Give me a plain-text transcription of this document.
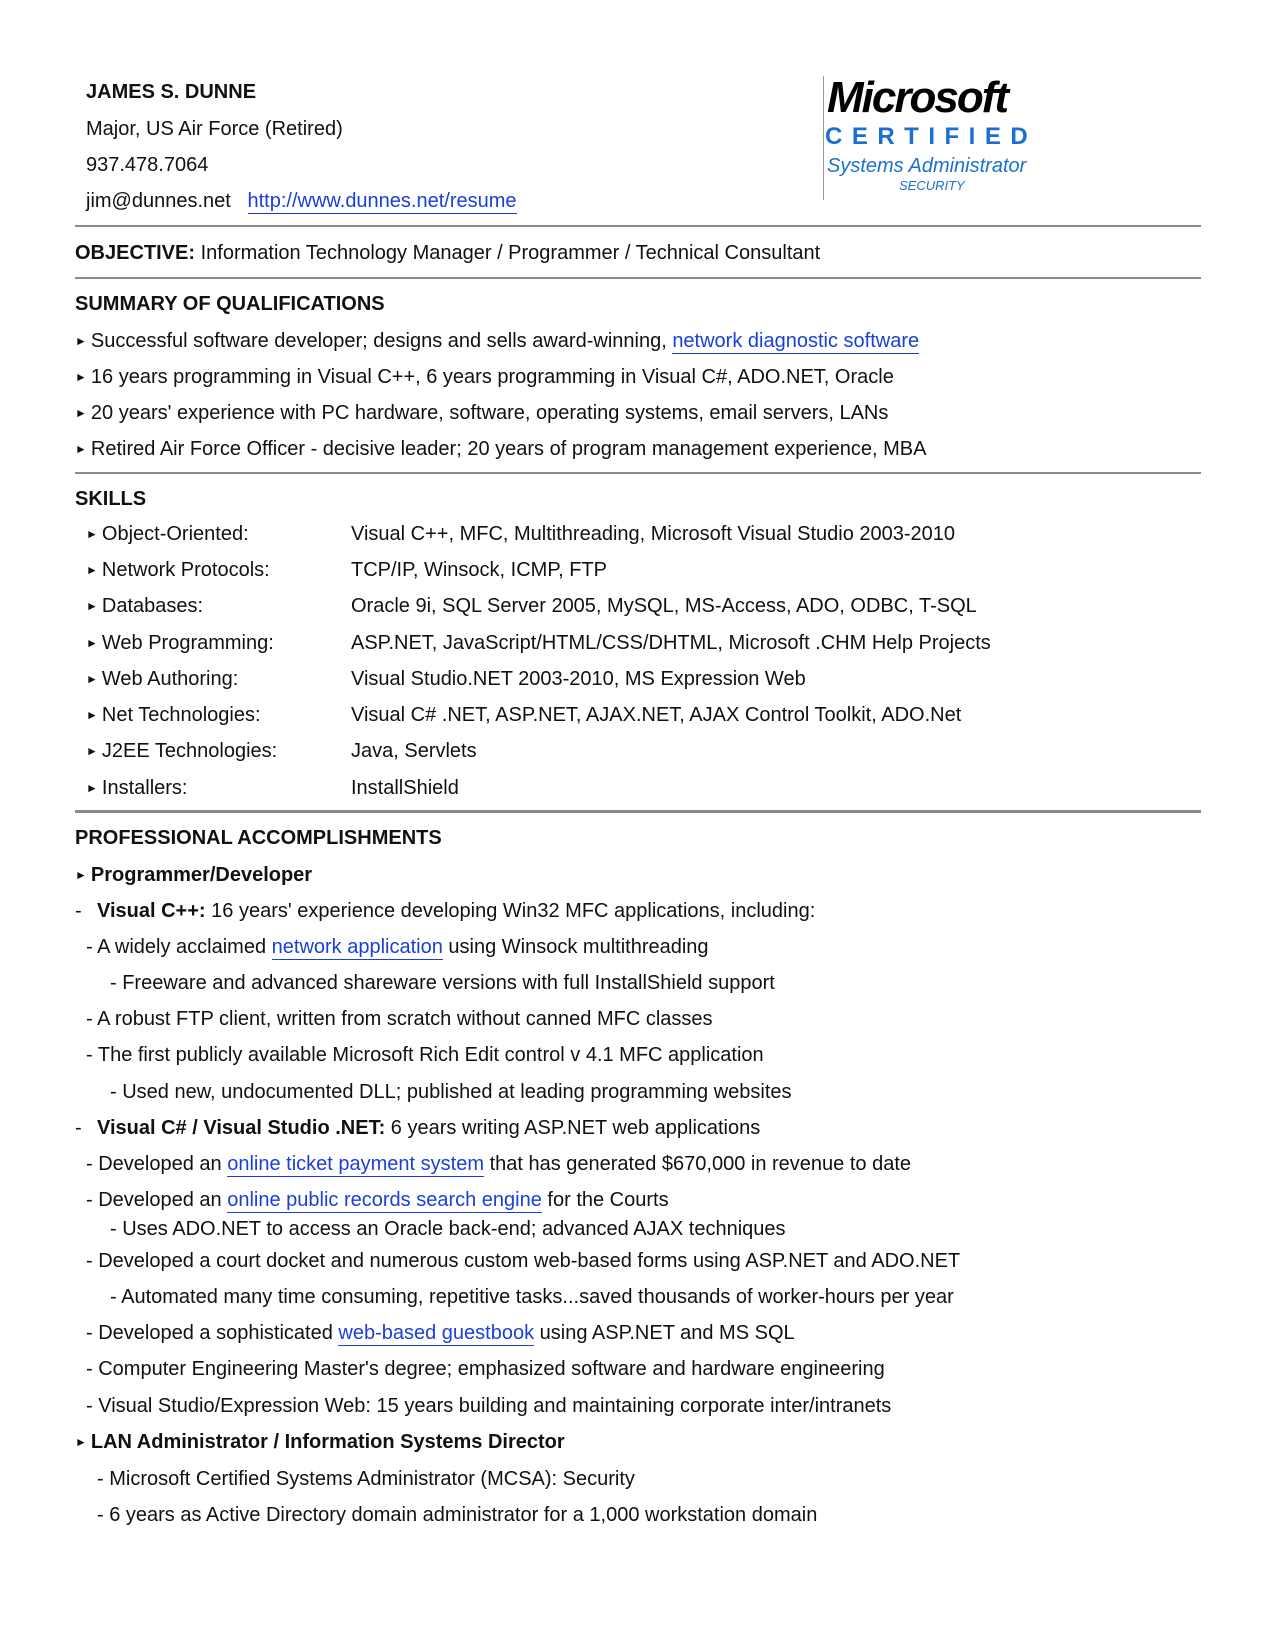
JAMES S. DUNNE
Major, US Air Force (Retired)
937.478.7064
jim@dunnes.net http://www.dunnes.net/resume
Microsoft
CERTIFIED
Systems Administrator
SECURITY
OBJECTIVE: Information Technology Manager / Programmer / Technical Consultant
SUMMARY OF QUALIFICATIONS
► Successful software developer; designs and sells award-winning, network diagnostic software
► 16 years programming in Visual C++, 6 years programming in Visual C#, ADO.NET, Oracle
► 20 years' experience with PC hardware, software, operating systems, email servers, LANs
► Retired Air Force Officer - decisive leader; 20 years of program management experience, MBA
SKILLS
► Object-Oriented:	Visual C++, MFC, Multithreading, Microsoft Visual Studio 2003-2010
► Network Protocols:	TCP/IP, Winsock, ICMP, FTP
► Databases:	Oracle 9i, SQL Server 2005, MySQL, MS-Access, ADO, ODBC, T-SQL
► Web Programming:	ASP.NET, JavaScript/HTML/CSS/DHTML, Microsoft .CHM Help Projects
► Web Authoring:	Visual Studio.NET 2003-2010, MS Expression Web
► Net Technologies:	Visual C# .NET, ASP.NET, AJAX.NET, AJAX Control Toolkit, ADO.Net
► J2EE Technologies:	Java, Servlets
► Installers:	InstallShield
PROFESSIONAL ACCOMPLISHMENTS
► Programmer/Developer
- Visual C++: 16 years' experience developing Win32 MFC applications, including:
- A widely acclaimed network application using Winsock multithreading
- Freeware and advanced shareware versions with full InstallShield support
- A robust FTP client, written from scratch without canned MFC classes
- The first publicly available Microsoft Rich Edit control v 4.1 MFC application
- Used new, undocumented DLL; published at leading programming websites
- Visual C# / Visual Studio .NET: 6 years writing ASP.NET web applications
- Developed an online ticket payment system that has generated $670,000 in revenue to date
- Developed an online public records search engine for the Courts
- Uses ADO.NET to access an Oracle back-end; advanced AJAX techniques
- Developed a court docket and numerous custom web-based forms using ASP.NET and ADO.NET
- Automated many time consuming, repetitive tasks...saved thousands of worker-hours per year
- Developed a sophisticated web-based guestbook using ASP.NET and MS SQL
- Computer Engineering Master's degree; emphasized software and hardware engineering
- Visual Studio/Expression Web: 15 years building and maintaining corporate inter/intranets
► LAN Administrator / Information Systems Director
- Microsoft Certified Systems Administrator (MCSA): Security
- 6 years as Active Directory domain administrator for a 1,000 workstation domain
